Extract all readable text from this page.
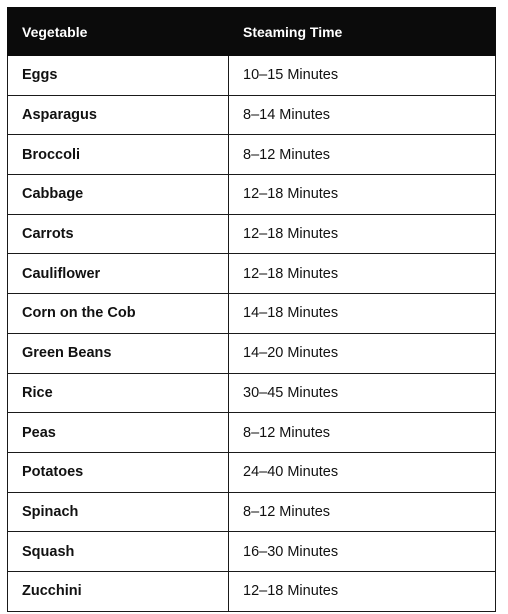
Vegetable	Steaming Time
Eggs	10–15 Minutes
Asparagus	8–14 Minutes
Broccoli	8–12 Minutes
Cabbage	12–18 Minutes
Carrots	12–18 Minutes
Cauliflower	12–18 Minutes
Corn on the Cob	14–18 Minutes
Green Beans	14–20 Minutes
Rice	30–45 Minutes
Peas	8–12 Minutes
Potatoes	24–40 Minutes
Spinach	8–12 Minutes
Squash	16–30 Minutes
Zucchini	12–18 Minutes
